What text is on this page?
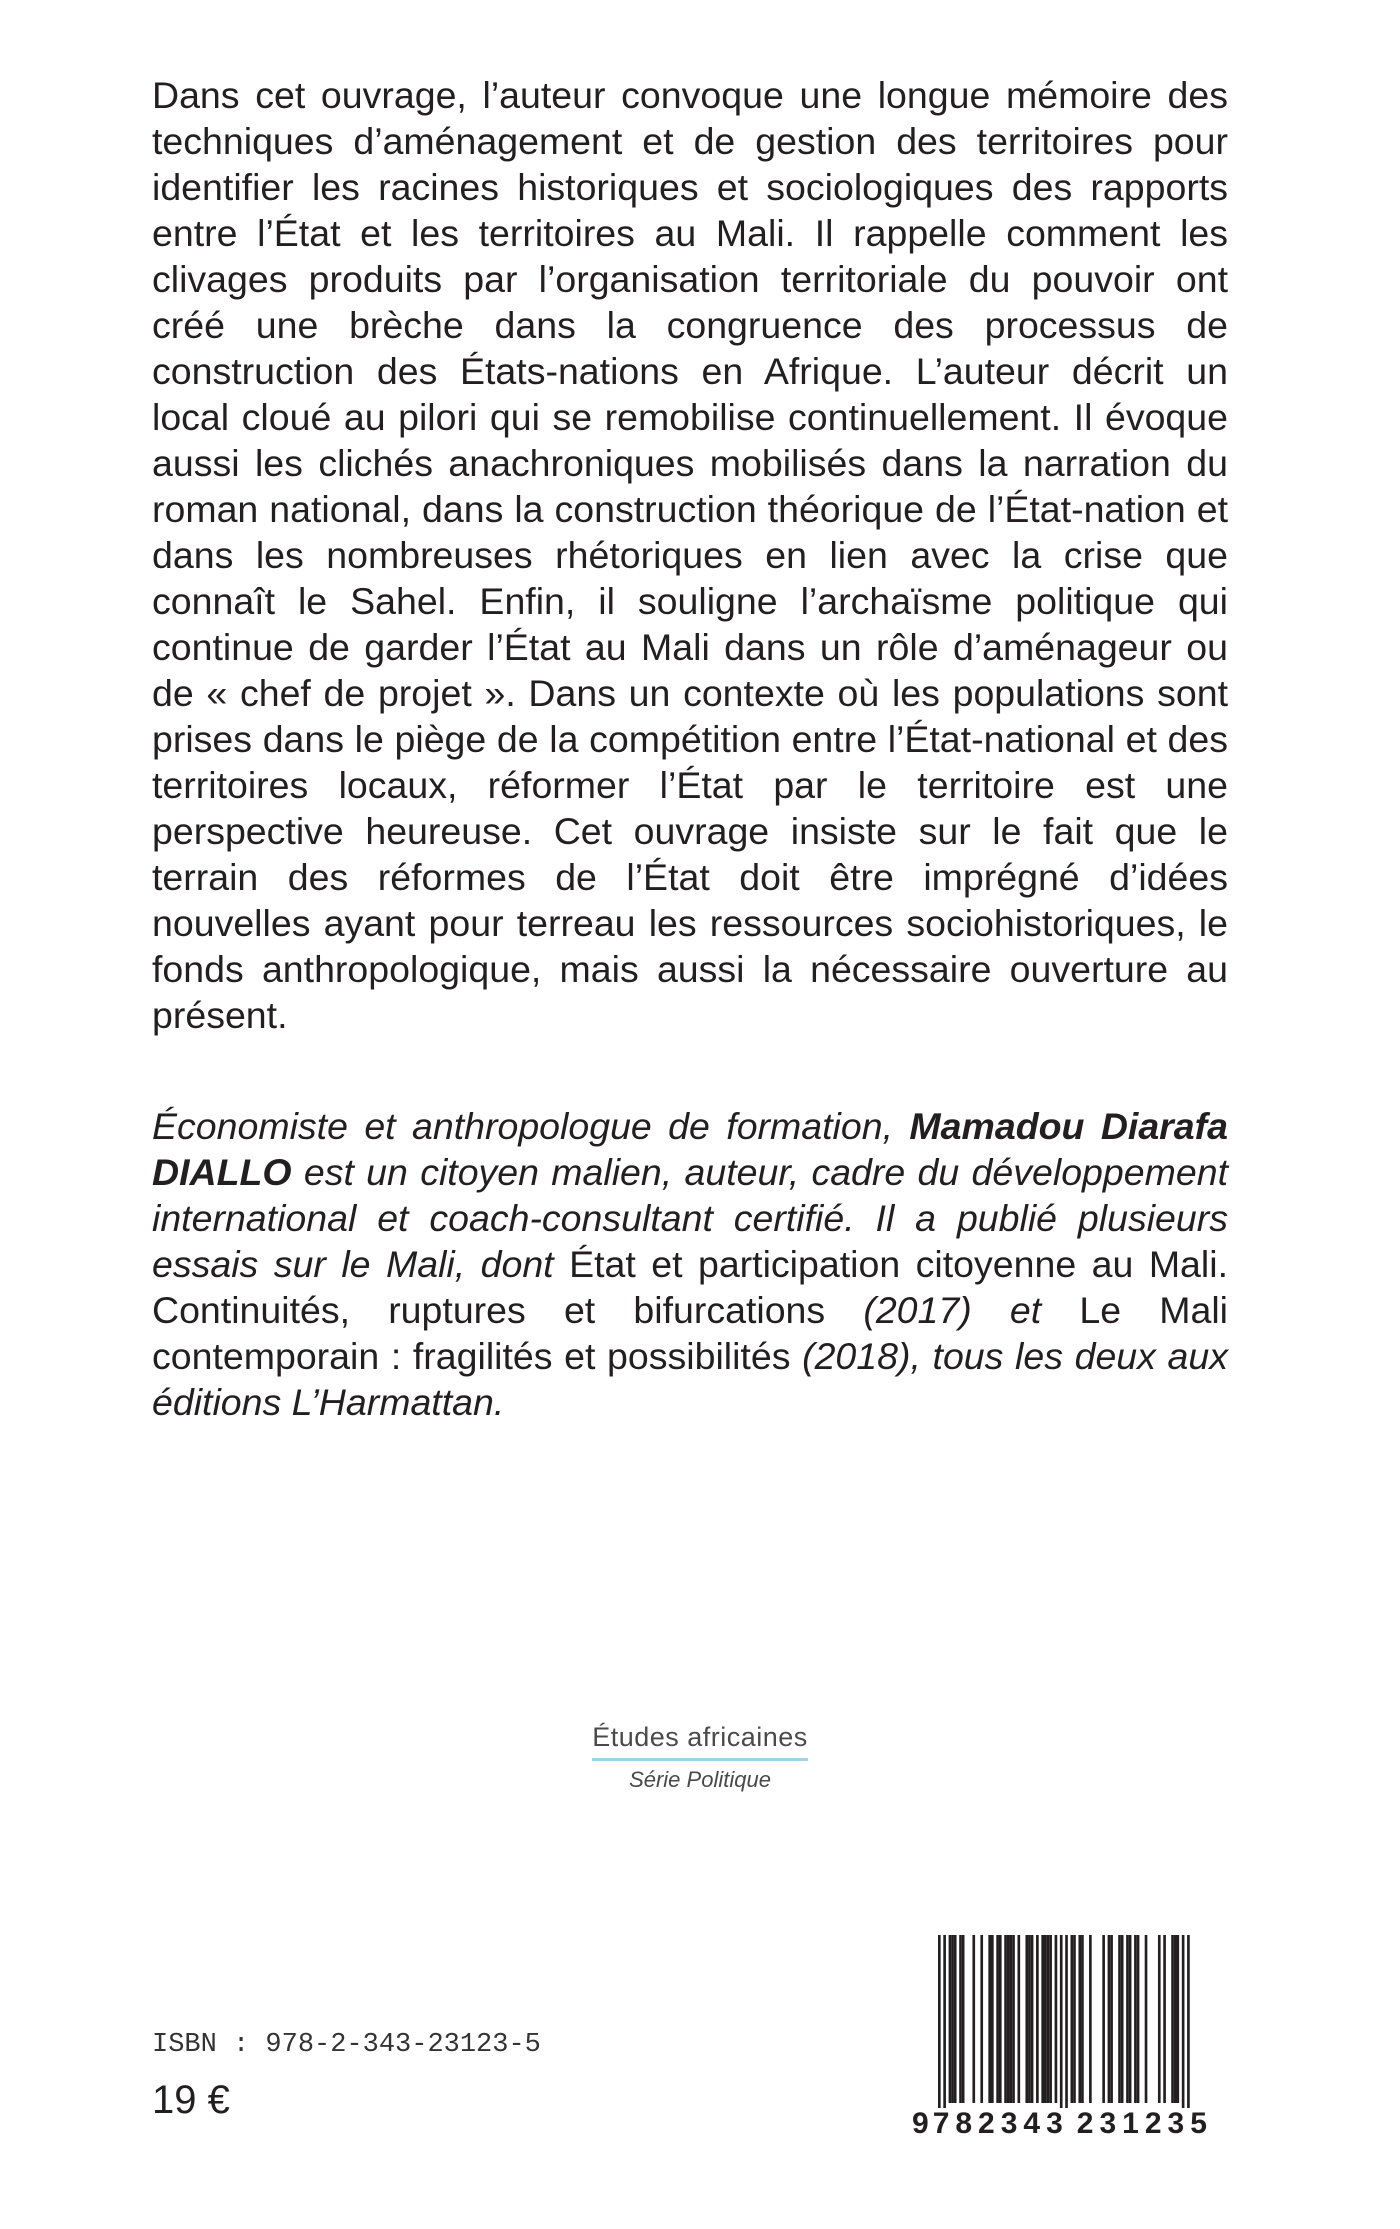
Dans cet ouvrage, l’auteur convoque une longue mémoire des techniques d’aménagement et de gestion des territoires pour identifier les racines historiques et sociologiques des rapports entre l’État et les territoires au Mali. Il rappelle comment les clivages produits par l’organisation territoriale du pouvoir ont créé une brèche dans la congruence des processus de construction des États-nations en Afrique. L’auteur décrit un local cloué au pilori qui se remobilise continuellement. Il évoque aussi les clichés anachroniques mobilisés dans la narration du roman national, dans la construction théorique de l’État-nation et dans les nombreuses rhétoriques en lien avec la crise que connaît le Sahel. Enfin, il souligne l’archaïsme politique qui continue de garder l’État au Mali dans un rôle d’aménageur ou de « chef de projet ». Dans un contexte où les populations sont prises dans le piège de la compétition entre l’État-national et des territoires locaux, réformer l’État par le territoire est une perspective heureuse. Cet ouvrage insiste sur le fait que le terrain des réformes de l’État doit être imprégné d’idées nouvelles ayant pour terreau les ressources sociohistoriques, le fonds anthropologique, mais aussi la nécessaire ouverture au présent.

Économiste et anthropologue de formation, Mamadou Diarafa DIALLO est un citoyen malien, auteur, cadre du développement international et coach-consultant certifié. Il a publié plusieurs essais sur le Mali, dont État et participation citoyenne au Mali. Continuités, ruptures et bifurcations (2017) et Le Mali contemporain : fragilités et possibilités (2018), tous les deux aux éditions L’Harmattan.

Études africaines
Série Politique
ISBN : 978-2-343-23123-5
19 €
9 782343 231235
